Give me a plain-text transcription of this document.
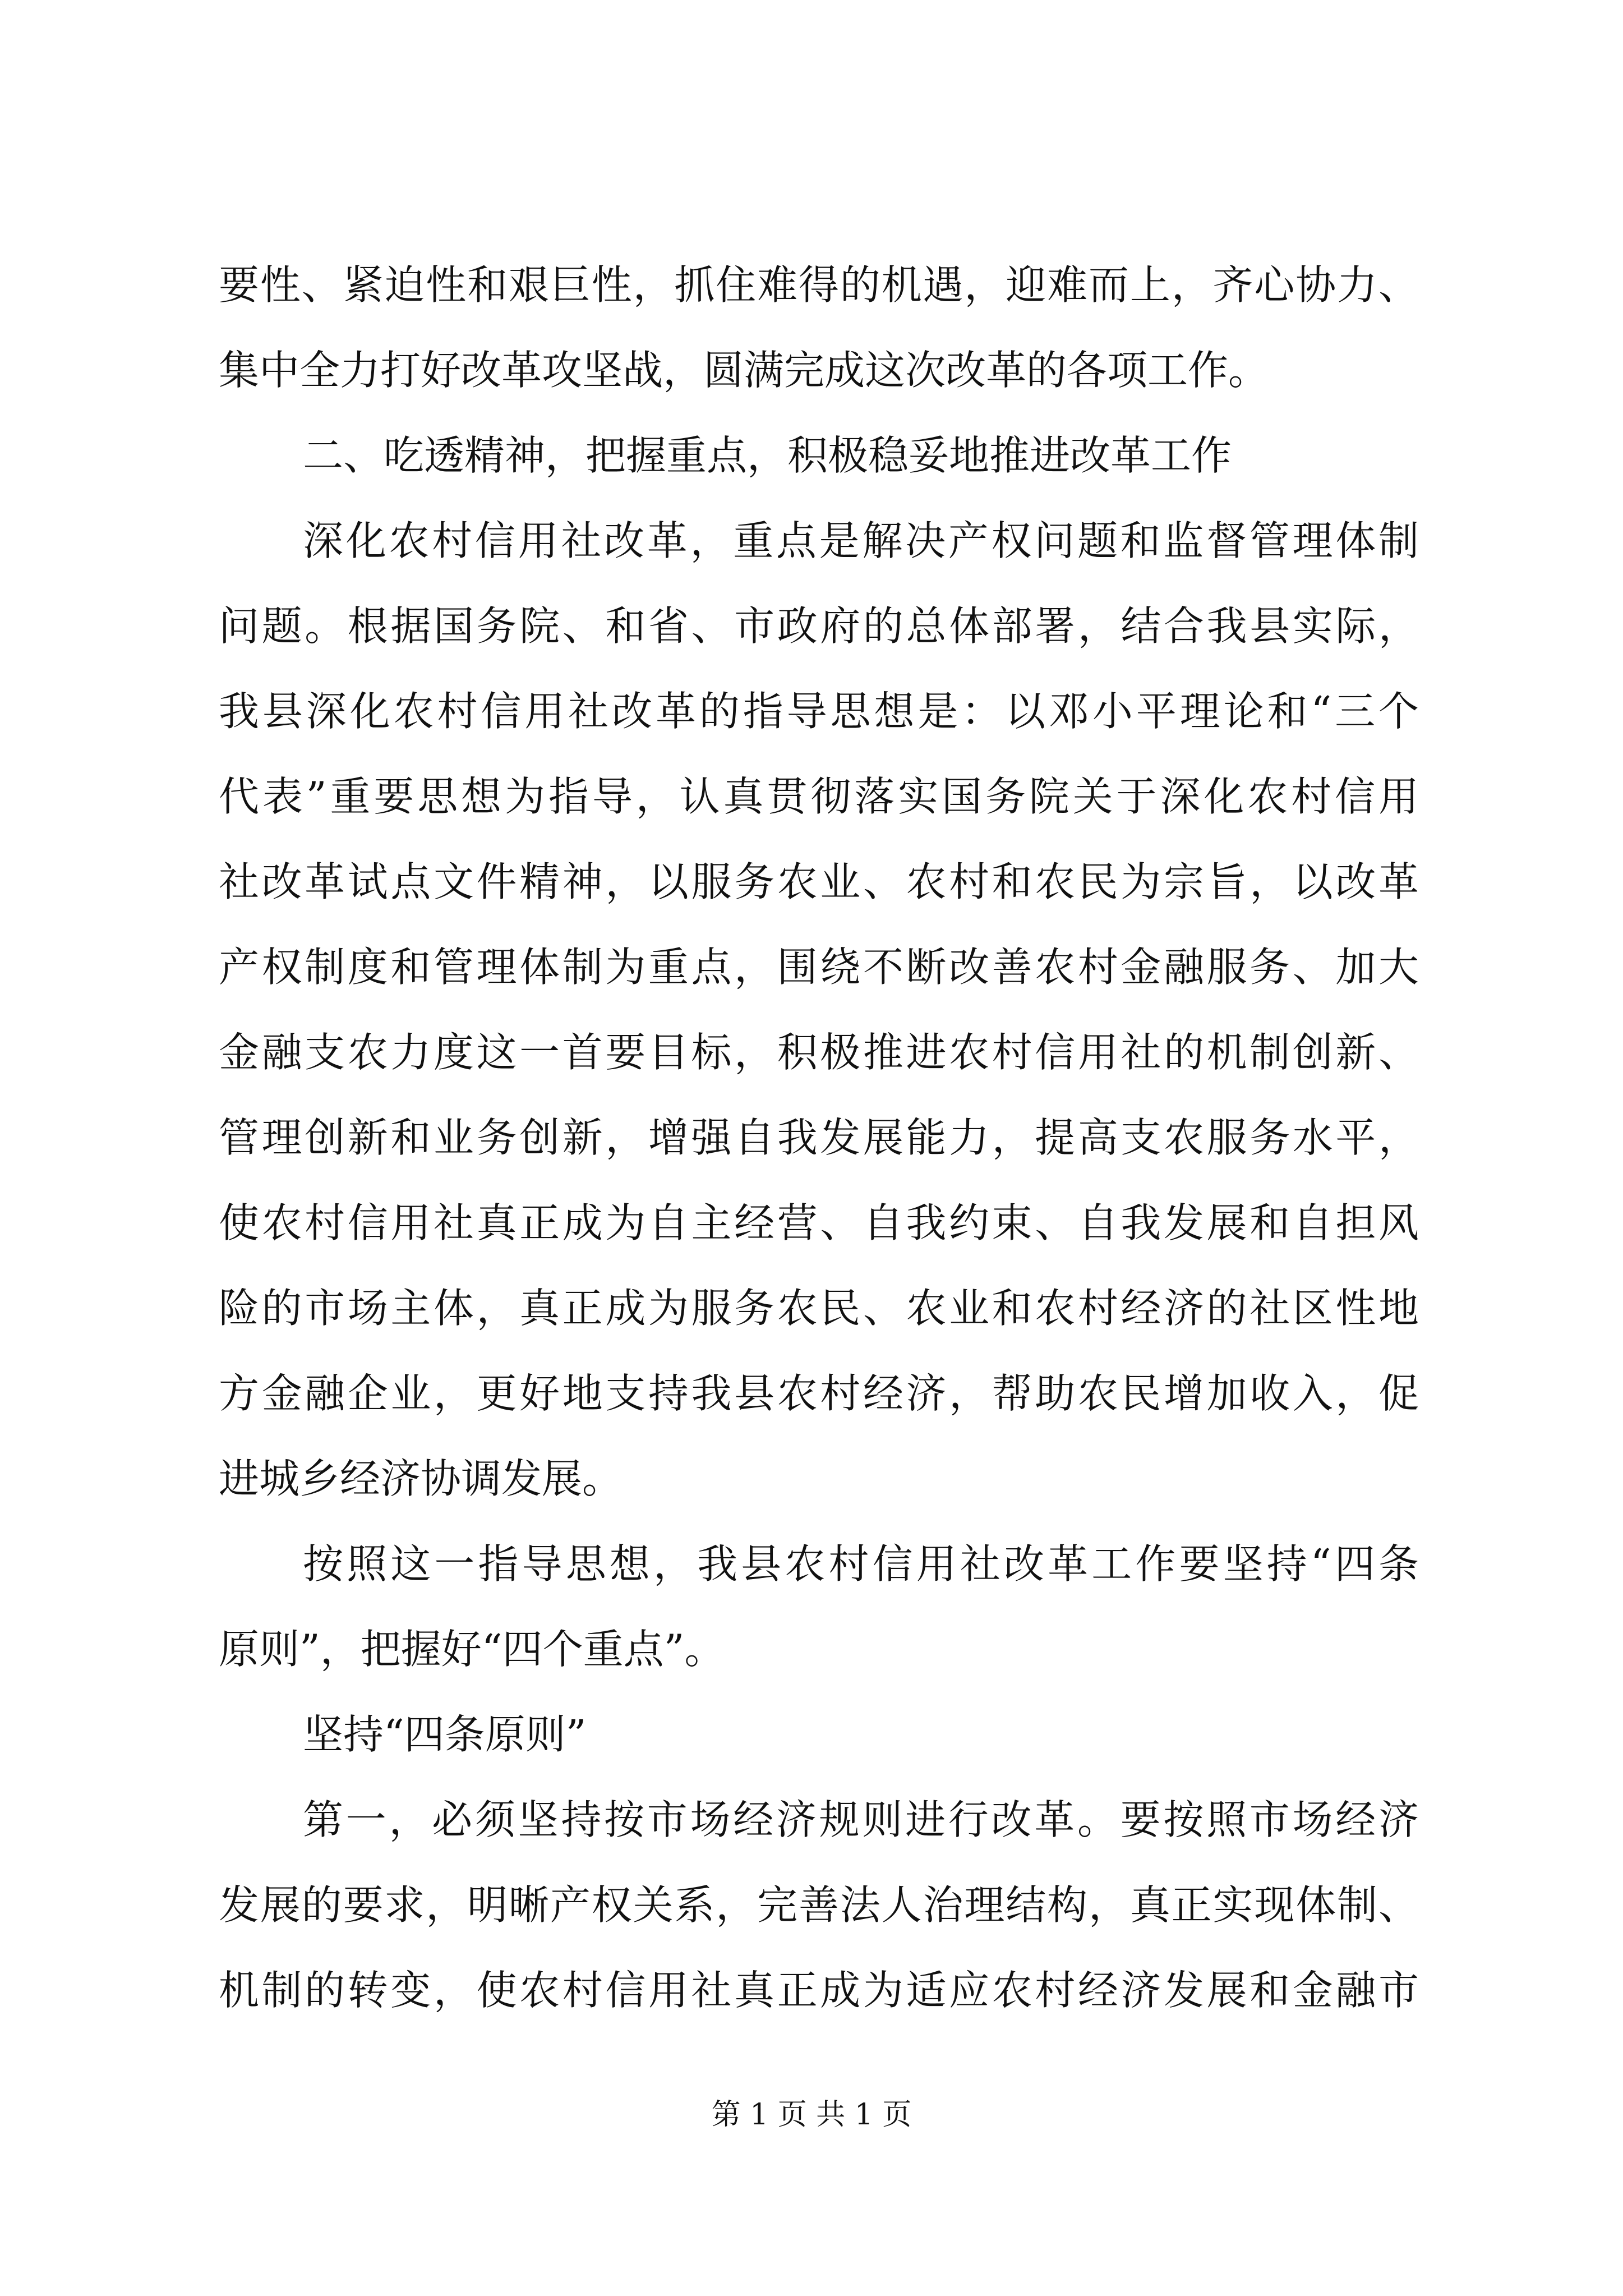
要性、紧迫性和艰巨性，抓住难得的机遇，迎难而上，齐心协力、
集中全力打好改革攻坚战，圆满完成这次改革的各项工作。
二、吃透精神，把握重点，积极稳妥地推进改革工作
深化农村信用社改革，重点是解决产权问题和监督管理体制
问题。根据国务院、和省、市政府的总体部署，结合我县实际，
我县深化农村信用社改革的指导思想是：以邓小平理论和“三个
代表”重要思想为指导，认真贯彻落实国务院关于深化农村信用
社改革试点文件精神，以服务农业、农村和农民为宗旨，以改革
产权制度和管理体制为重点，围绕不断改善农村金融服务、加大
金融支农力度这一首要目标，积极推进农村信用社的机制创新、
管理创新和业务创新，增强自我发展能力，提高支农服务水平，
使农村信用社真正成为自主经营、自我约束、自我发展和自担风
险的市场主体，真正成为服务农民、农业和农村经济的社区性地
方金融企业，更好地支持我县农村经济，帮助农民增加收入，促
进城乡经济协调发展。
按照这一指导思想，我县农村信用社改革工作要坚持“四条
原则”，把握好“四个重点”。
坚持“四条原则”
第一，必须坚持按市场经济规则进行改革。要按照市场经济
发展的要求，明晰产权关系，完善法人治理结构，真正实现体制、
机制的转变，使农村信用社真正成为适应农村经济发展和金融市
第 1 页 共 1 页
